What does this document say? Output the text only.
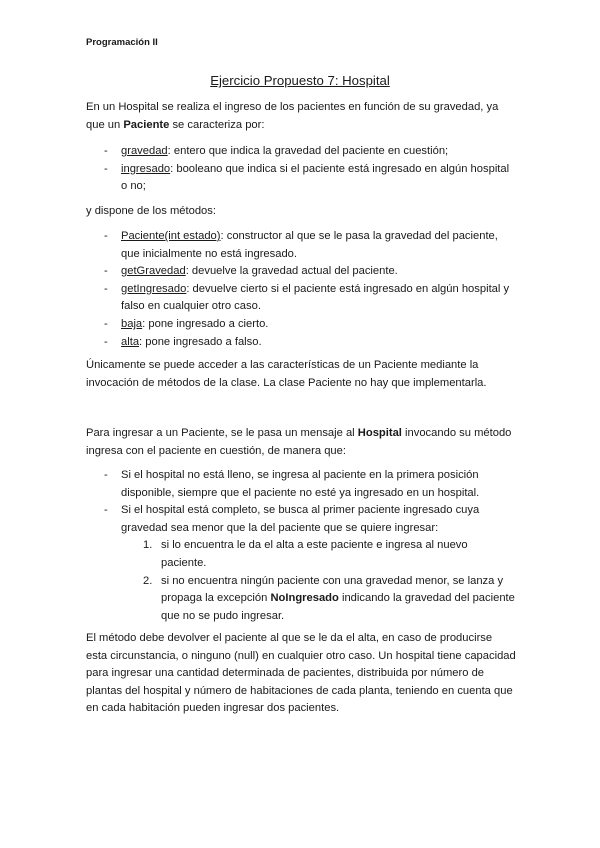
Programación II
Ejercicio Propuesto 7: Hospital

En un Hospital se realiza el ingreso de los pacientes en función de su gravedad, ya que un Paciente se caracteriza por:

- gravedad: entero que indica la gravedad del paciente en cuestión;
- ingresado: booleano que indica si el paciente está ingresado en algún hospital o no;

y dispone de los métodos:

- Paciente(int estado): constructor al que se le pasa la gravedad del paciente, que inicialmente no está ingresado.
- getGravedad: devuelve la gravedad actual del paciente.
- getIngresado: devuelve cierto si el paciente está ingresado en algún hospital y falso en cualquier otro caso.
- baja: pone ingresado a cierto.
- alta: pone ingresado a falso.

Únicamente se puede acceder a las características de un Paciente mediante la invocación de métodos de la clase. La clase Paciente no hay que implementarla.

Para ingresar a un Paciente, se le pasa un mensaje al Hospital invocando su método ingresa con el paciente en cuestión, de manera que:

- Si el hospital no está lleno, se ingresa al paciente en la primera posición disponible, siempre que el paciente no esté ya ingresado en un hospital.
- Si el hospital está completo, se busca al primer paciente ingresado cuya gravedad sea menor que la del paciente que se quiere ingresar:
1. si lo encuentra le da el alta a este paciente e ingresa al nuevo paciente.
2. si no encuentra ningún paciente con una gravedad menor, se lanza y propaga la excepción NoIngresado indicando la gravedad del paciente que no se pudo ingresar.

El método debe devolver el paciente al que se le da el alta, en caso de producirse esta circunstancia, o ninguno (null) en cualquier otro caso. Un hospital tiene capacidad para ingresar una cantidad determinada de pacientes, distribuida por número de plantas del hospital y número de habitaciones de cada planta, teniendo en cuenta que en cada habitación pueden ingresar dos pacientes.
